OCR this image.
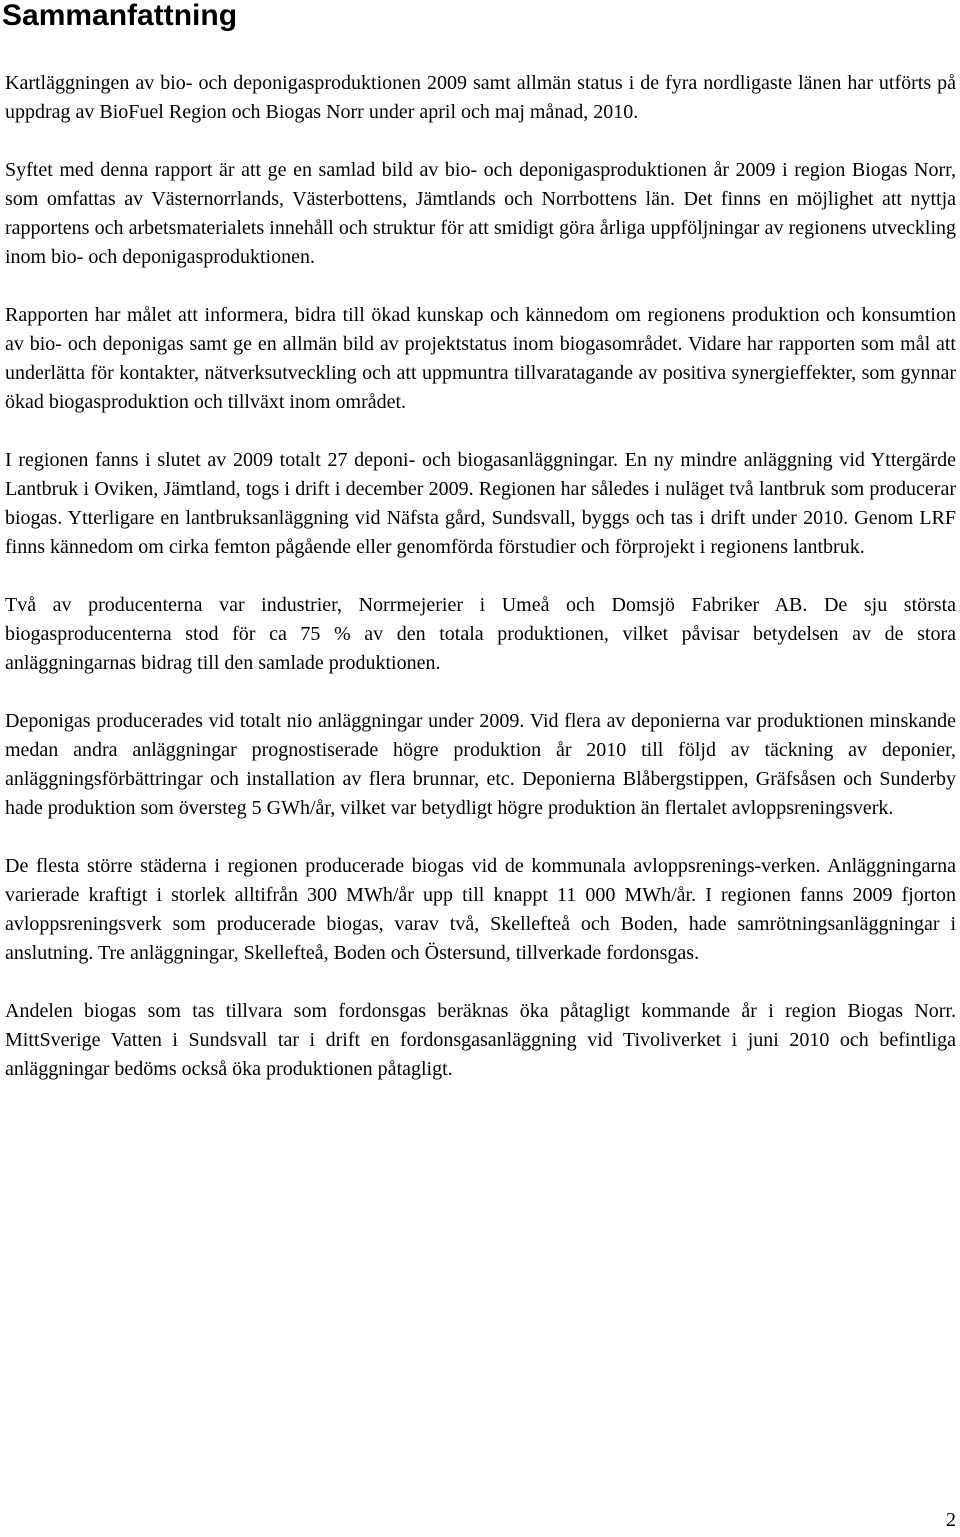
Sammanfattning

Kartläggningen av bio- och deponigasproduktionen 2009 samt allmän status i de fyra nordligaste länen har utförts på uppdrag av BioFuel Region och Biogas Norr under april och maj månad, 2010.

Syftet med denna rapport är att ge en samlad bild av bio- och deponigasproduktionen år 2009 i region Biogas Norr, som omfattas av Västernorrlands, Västerbottens, Jämtlands och Norrbottens län. Det finns en möjlighet att nyttja rapportens och arbetsmaterialets innehåll och struktur för att smidigt göra årliga uppföljningar av regionens utveckling inom bio- och deponigasproduktionen.

Rapporten har målet att informera, bidra till ökad kunskap och kännedom om regionens produktion och konsumtion av bio- och deponigas samt ge en allmän bild av projektstatus inom biogasområdet. Vidare har rapporten som mål att underlätta för kontakter, nätverksutveckling och att uppmuntra tillvaratagande av positiva synergieffekter, som gynnar ökad biogasproduktion och tillväxt inom området.

I regionen fanns i slutet av 2009 totalt 27 deponi- och biogasanläggningar. En ny mindre anläggning vid Yttergärde Lantbruk i Oviken, Jämtland, togs i drift i december 2009. Regionen har således i nuläget två lantbruk som producerar biogas. Ytterligare en lantbruksanläggning vid Näfsta gård, Sundsvall, byggs och tas i drift under 2010. Genom LRF finns kännedom om cirka femton pågående eller genomförda förstudier och förprojekt i regionens lantbruk.

Två av producenterna var industrier, Norrmejerier i Umeå och Domsjö Fabriker AB. De sju största biogasproducenterna stod för ca 75 % av den totala produktionen, vilket påvisar betydelsen av de stora anläggningarnas bidrag till den samlade produktionen.

Deponigas producerades vid totalt nio anläggningar under 2009. Vid flera av deponierna var produktionen minskande medan andra anläggningar prognostiserade högre produktion år 2010 till följd av täckning av deponier, anläggningsförbättringar och installation av flera brunnar, etc. Deponierna Blåbergstippen, Gräfsåsen och Sunderby hade produktion som översteg 5 GWh/år, vilket var betydligt högre produktion än flertalet avloppsreningsverk.

De flesta större städerna i regionen producerade biogas vid de kommunala avloppsrenings-verken. Anläggningarna varierade kraftigt i storlek alltifrån 300 MWh/år upp till knappt 11 000 MWh/år. I regionen fanns 2009 fjorton avloppsreningsverk som producerade biogas, varav två, Skellefteå och Boden, hade samrötningsanläggningar i anslutning. Tre anläggningar, Skellefteå, Boden och Östersund, tillverkade fordonsgas.

Andelen biogas som tas tillvara som fordonsgas beräknas öka påtagligt kommande år i region Biogas Norr. MittSverige Vatten i Sundsvall tar i drift en fordonsgasanläggning vid Tivoliverket i juni 2010 och befintliga anläggningar bedöms också öka produktionen påtagligt.

2
